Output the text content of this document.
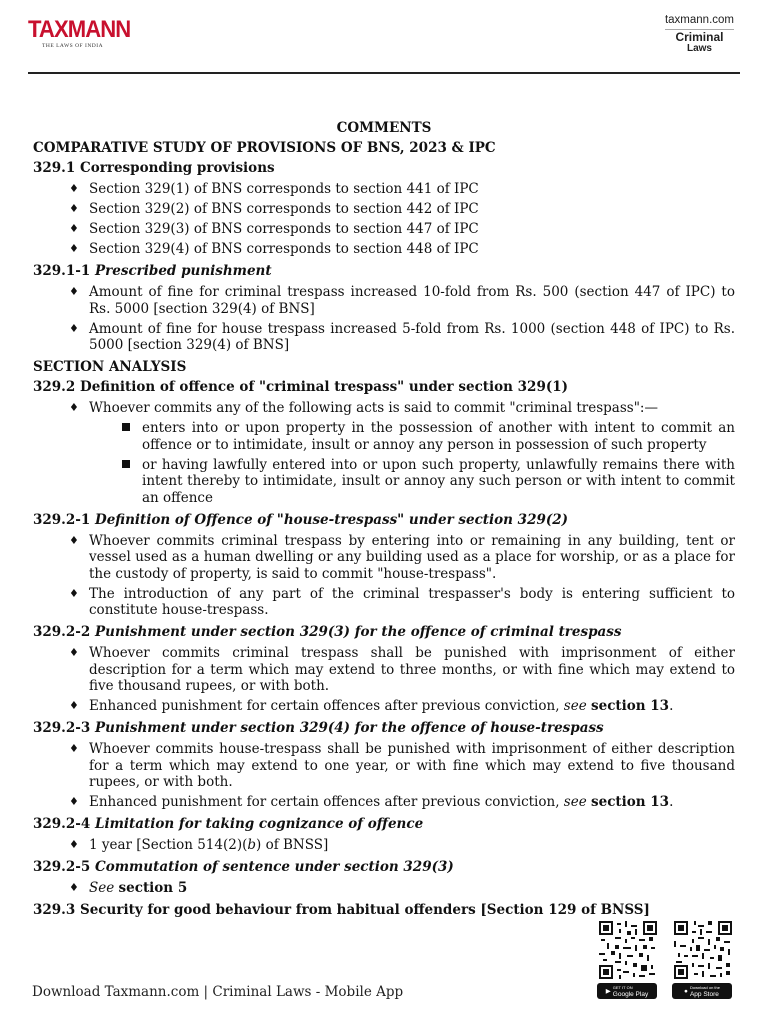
TAXMANN
THE LAWS OF INDIA
taxmann.com
Criminal
Laws
COMMENTS
COMPARATIVE STUDY OF PROVISIONS OF BNS, 2023 & IPC
329.1 Corresponding provisions
♦ Section 329(1) of BNS corresponds to section 441 of IPC
♦ Section 329(2) of BNS corresponds to section 442 of IPC
♦ Section 329(3) of BNS corresponds to section 447 of IPC
♦ Section 329(4) of BNS corresponds to section 448 of IPC
329.1-1 Prescribed punishment
♦ Amount of fine for criminal trespass increased 10-fold from Rs. 500 (section 447 of IPC) to Rs. 5000 [section 329(4) of BNS]
♦ Amount of fine for house trespass increased 5-fold from Rs. 1000 (section 448 of IPC) to Rs. 5000 [section 329(4) of BNS]
SECTION ANALYSIS
329.2 Definition of offence of "criminal trespass" under section 329(1)
♦ Whoever commits any of the following acts is said to commit "criminal trespass":—
enters into or upon property in the possession of another with intent to commit an offence or to intimidate, insult or annoy any person in possession of such property
or having lawfully entered into or upon such property, unlawfully remains there with intent thereby to intimidate, insult or annoy any such person or with intent to commit an offence
329.2-1 Definition of Offence of "house-trespass" under section 329(2)
♦ Whoever commits criminal trespass by entering into or remaining in any building, tent or vessel used as a human dwelling or any building used as a place for worship, or as a place for the custody of property, is said to commit "house-trespass".
♦ The introduction of any part of the criminal trespasser's body is entering sufficient to constitute house-trespass.
329.2-2 Punishment under section 329(3) for the offence of criminal trespass
♦ Whoever commits criminal trespass shall be punished with imprisonment of either description for a term which may extend to three months, or with fine which may extend to five thousand rupees, or with both.
♦ Enhanced punishment for certain offences after previous conviction, see section 13.
329.2-3 Punishment under section 329(4) for the offence of house-trespass
♦ Whoever commits house-trespass shall be punished with imprisonment of either description for a term which may extend to one year, or with fine which may extend to five thousand rupees, or with both.
♦ Enhanced punishment for certain offences after previous conviction, see section 13.
329.2-4 Limitation for taking cognizance of offence
♦ 1 year [Section 514(2)(b) of BNSS]
329.2-5 Commutation of sentence under section 329(3)
♦ See section 5
329.3 Security for good behaviour from habitual offenders [Section 129 of BNSS]
Download Taxmann.com | Criminal Laws - Mobile App	▶ GET IT ON
Google Play	● Download on the
App Store
